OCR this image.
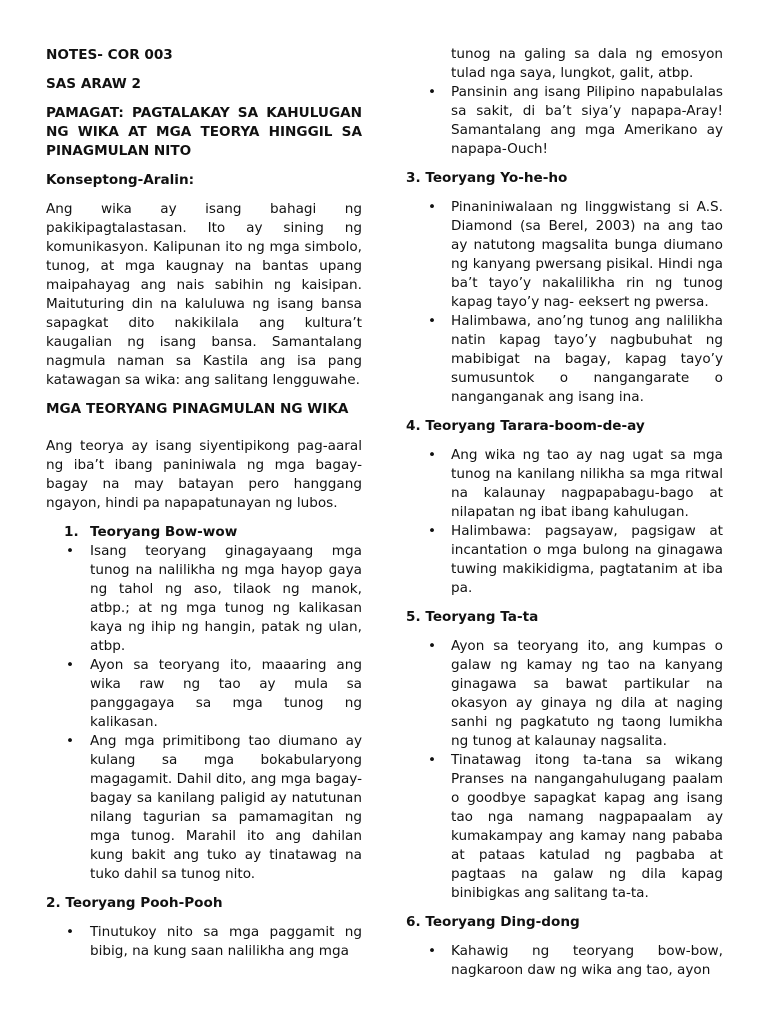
NOTES- COR 003

SAS ARAW 2

PAMAGAT: PAGTALAKAY SA KAHULUGAN NG WIKA AT MGA TEORYA HINGGIL SA PINAGMULAN NITO

Konseptong-Aralin:

Ang wika ay isang bahagi ng pakikipagtalastasan. Ito ay sining ng komunikasyon. Kalipunan ito ng mga simbolo, tunog, at mga kaugnay na bantas upang maipahayag ang nais sabihin ng kaisipan. Maituturing din na kaluluwa ng isang bansa sapagkat dito nakikilala ang kultura’t kaugalian ng isang bansa. Samantalang nagmula naman sa Kastila ang isa pang katawagan sa wika: ang salitang lengguwahe.

MGA TEORYANG PINAGMULAN NG WIKA

Ang teorya ay isang siyentipikong pag-aaral ng iba’t ibang paniniwala ng mga bagay-bagay na may batayan pero hanggang ngayon, hindi pa napapatunayan ng lubos.

1. Teoryang Bow-wow
• Isang teoryang ginagayaang mga tunog na nalilikha ng mga hayop gaya ng tahol ng aso, tilaok ng manok, atbp.; at ng mga tunog ng kalikasan kaya ng ihip ng hangin, patak ng ulan, atbp.
• Ayon sa teoryang ito, maaaring ang wika raw ng tao ay mula sa panggagaya sa mga tunog ng kalikasan.
• Ang mga primitibong tao diumano ay kulang sa mga bokabularyong magagamit. Dahil dito, ang mga bagay-bagay sa kanilang paligid ay natutunan nilang tagurian sa pamamagitan ng mga tunog. Marahil ito ang dahilan kung bakit ang tuko ay tinatawag na tuko dahil sa tunog nito.

2. Teoryang Pooh-Pooh

• Tinutukoy nito sa mga paggamit ng bibig, na kung saan nalilikha ang mga

tunog na galing sa dala ng emosyon tulad nga saya, lungkot, galit, atbp.

• Pansinin ang isang Pilipino napabulalas sa sakit, di ba’t siya’y napapa-Aray! Samantalang ang mga Amerikano ay napapa-Ouch!

3. Teoryang Yo-he-ho

• Pinaniniwalaan ng linggwistang si A.S. Diamond (sa Berel, 2003) na ang tao ay natutong magsalita bunga diumano ng kanyang pwersang pisikal. Hindi nga ba’t tayo’y nakalilikha rin ng tunog kapag tayo’y nag- eeksert ng pwersa.
• Halimbawa, ano’ng tunog ang nalilikha natin kapag tayo’y nagbubuhat ng mabibigat na bagay, kapag tayo’y sumusuntok o nangangarate o nanganganak ang isang ina.

4. Teoryang Tarara-boom-de-ay

• Ang wika ng tao ay nag ugat sa mga tunog na kanilang nilikha sa mga ritwal na kalaunay nagpapabagu-bago at nilapatan ng ibat ibang kahulugan.
• Halimbawa: pagsayaw, pagsigaw at incantation o mga bulong na ginagawa tuwing makikidigma, pagtatanim at iba pa.

5. Teoryang Ta-ta

• Ayon sa teoryang ito, ang kumpas o galaw ng kamay ng tao na kanyang ginagawa sa bawat partikular na okasyon ay ginaya ng dila at naging sanhi ng pagkatuto ng taong lumikha ng tunog at kalaunay nagsalita.
• Tinatawag itong ta-tana sa wikang Pranses na nangangahulugang paalam o goodbye sapagkat kapag ang isang tao nga namang nagpapaalam ay kumakampay ang kamay nang pababa at pataas katulad ng pagbaba at pagtaas na galaw ng dila kapag binibigkas ang salitang ta-ta.

6. Teoryang Ding-dong

• Kahawig ng teoryang bow-bow, nagkaroon daw ng wika ang tao, ayon
